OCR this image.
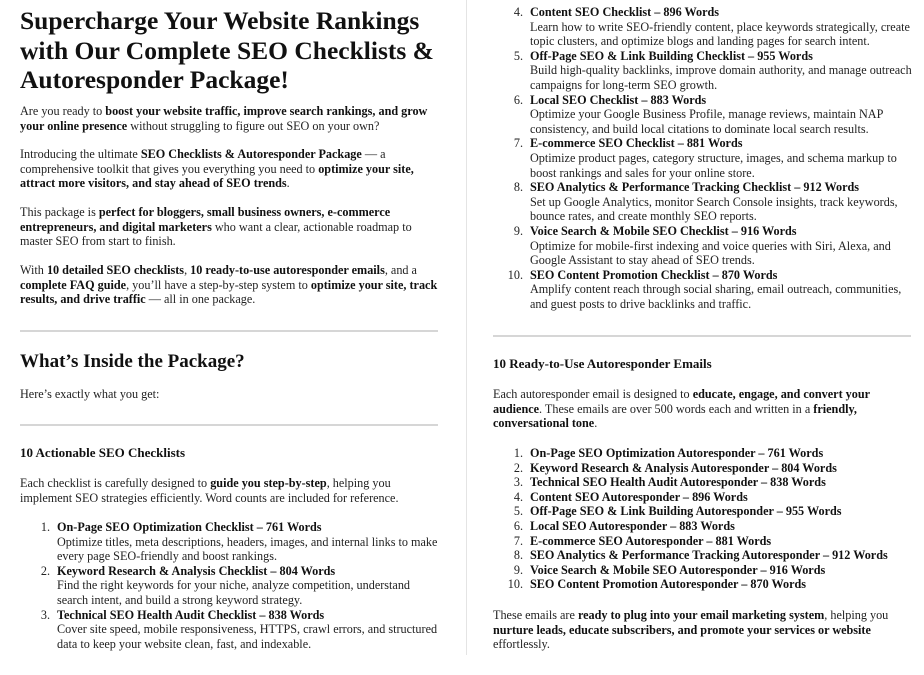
Supercharge Your Website Rankings with Our Complete SEO Checklists & Autoresponder Package!

Are you ready to boost your website traffic, improve search rankings, and grow your online presence without struggling to figure out SEO on your own?

Introducing the ultimate SEO Checklists & Autoresponder Package — a comprehensive toolkit that gives you everything you need to optimize your site, attract more visitors, and stay ahead of SEO trends.

This package is perfect for bloggers, small business owners, e-commerce entrepreneurs, and digital marketers who want a clear, actionable roadmap to master SEO from start to finish.

With 10 detailed SEO checklists, 10 ready-to-use autoresponder emails, and a complete FAQ guide, you’ll have a step-by-step system to optimize your site, track results, and drive traffic — all in one package.

What’s Inside the Package?

Here’s exactly what you get:

10 Actionable SEO Checklists

Each checklist is carefully designed to guide you step-by-step, helping you implement SEO strategies efficiently. Word counts are included for reference.

1. On-Page SEO Optimization Checklist – 761 Words
Optimize titles, meta descriptions, headers, images, and internal links to make every page SEO-friendly and boost rankings.
2. Keyword Research & Analysis Checklist – 804 Words
Find the right keywords for your niche, analyze competition, understand search intent, and build a strong keyword strategy.
3. Technical SEO Health Audit Checklist – 838 Words
Cover site speed, mobile responsiveness, HTTPS, crawl errors, and structured data to keep your website clean, fast, and indexable.
4. Content SEO Checklist – 896 Words
Learn how to write SEO-friendly content, place keywords strategically, create topic clusters, and optimize blogs and landing pages for search intent.
5. Off-Page SEO & Link Building Checklist – 955 Words
Build high-quality backlinks, improve domain authority, and manage outreach campaigns for long-term SEO growth.
6. Local SEO Checklist – 883 Words
Optimize your Google Business Profile, manage reviews, maintain NAP consistency, and build local citations to dominate local search results.
7. E-commerce SEO Checklist – 881 Words
Optimize product pages, category structure, images, and schema markup to boost rankings and sales for your online store.
8. SEO Analytics & Performance Tracking Checklist – 912 Words
Set up Google Analytics, monitor Search Console insights, track keywords, bounce rates, and create monthly SEO reports.
9. Voice Search & Mobile SEO Checklist – 916 Words
Optimize for mobile-first indexing and voice queries with Siri, Alexa, and Google Assistant to stay ahead of SEO trends.
10. SEO Content Promotion Checklist – 870 Words
Amplify content reach through social sharing, email outreach, communities, and guest posts to drive backlinks and traffic.
10 Ready-to-Use Autoresponder Emails

Each autoresponder email is designed to educate, engage, and convert your audience. These emails are over 500 words each and written in a friendly, conversational tone.

1. On-Page SEO Optimization Autoresponder – 761 Words
2. Keyword Research & Analysis Autoresponder – 804 Words
3. Technical SEO Health Audit Autoresponder – 838 Words
4. Content SEO Autoresponder – 896 Words
5. Off-Page SEO & Link Building Autoresponder – 955 Words
6. Local SEO Autoresponder – 883 Words
7. E-commerce SEO Autoresponder – 881 Words
8. SEO Analytics & Performance Tracking Autoresponder – 912 Words
9. Voice Search & Mobile SEO Autoresponder – 916 Words
10. SEO Content Promotion Autoresponder – 870 Words

These emails are ready to plug into your email marketing system, helping you nurture leads, educate subscribers, and promote your services or website effortlessly.
